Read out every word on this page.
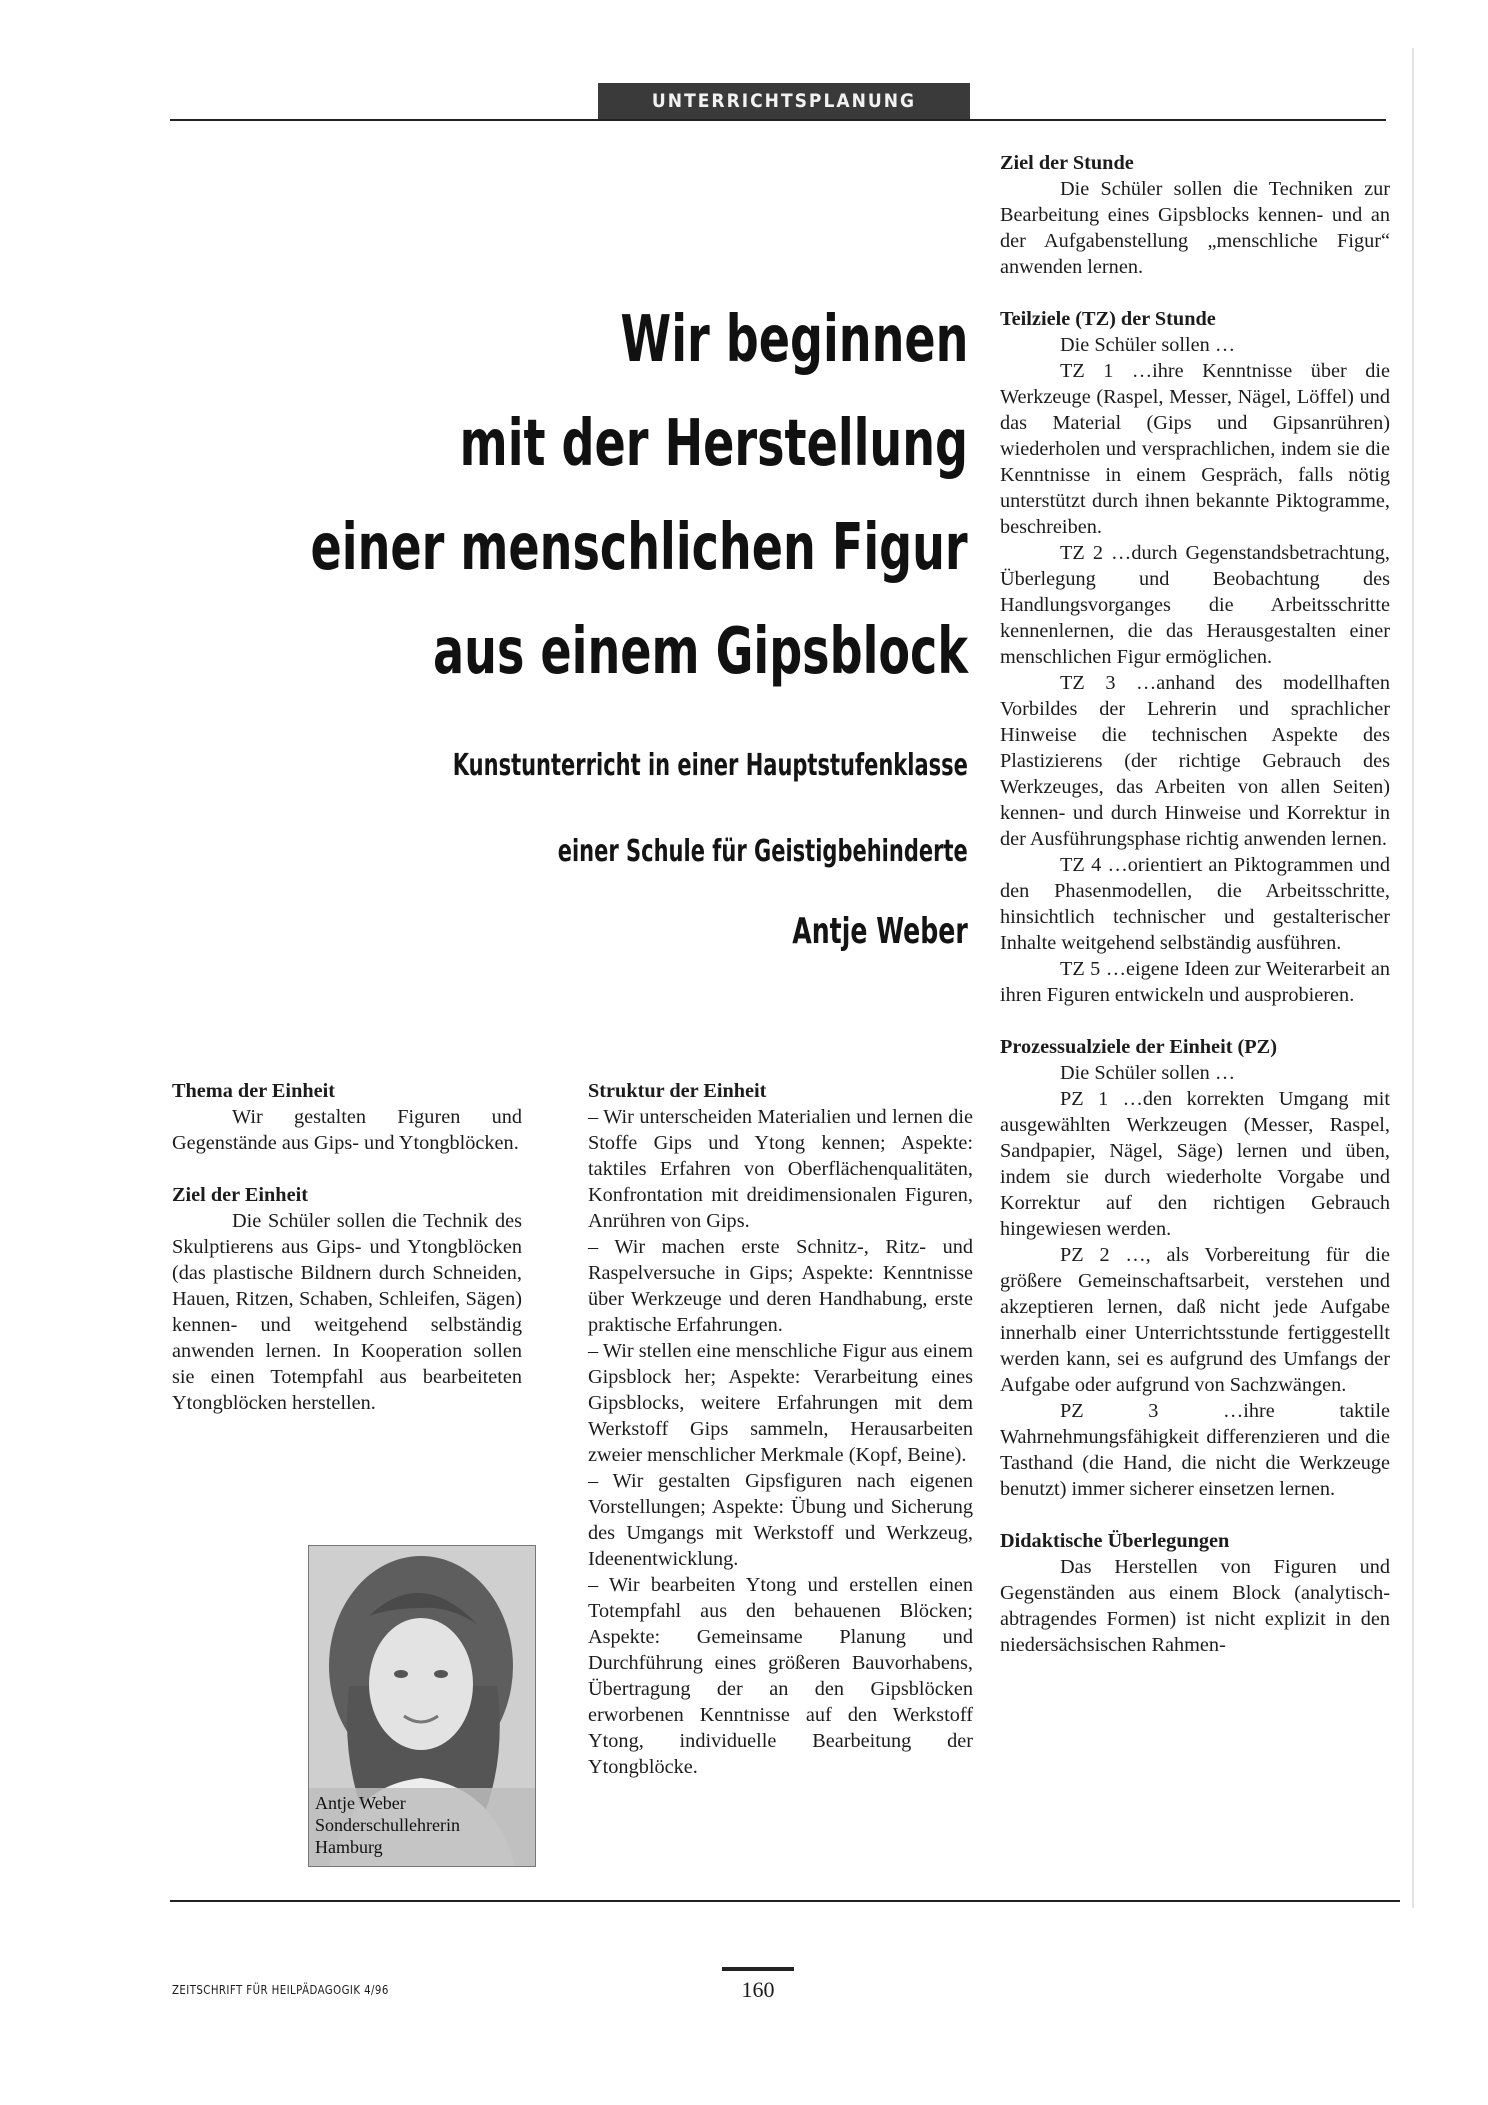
UNTERRICHTSPLANUNG
Wir beginnen
mit der Herstellung
einer menschlichen Figur
aus einem Gipsblock
Kunstunterricht in einer Hauptstufenklasse
einer Schule für Geistigbehinderte
Antje Weber
Thema der Einheit

Wir gestalten Figuren und Gegenstände aus Gips- und Ytongblöcken.

Ziel der Einheit

Die Schüler sollen die Technik des Skulptierens aus Gips- und Ytongblöcken (das plastische Bildnern durch Schneiden, Hauen, Ritzen, Schaben, Schleifen, Sägen) kennen- und weitgehend selbständig anwenden lernen. In Kooperation sollen sie einen Totempfahl aus bearbeiteten Ytongblöcken herstellen.

Antje Weber
Sonderschullehrerin
Hamburg
Struktur der Einheit

– Wir unterscheiden Materialien und lernen die Stoffe Gips und Ytong kennen; Aspekte: taktiles Erfahren von Oberflächenqualitäten, Konfrontation mit dreidimensionalen Figuren, Anrühren von Gips.

– Wir machen erste Schnitz-, Ritz- und Raspelversuche in Gips; Aspekte: Kenntnisse über Werkzeuge und deren Handhabung, erste praktische Erfahrungen.

– Wir stellen eine menschliche Figur aus einem Gipsblock her; Aspekte: Verarbeitung eines Gipsblocks, weitere Erfahrungen mit dem Werkstoff Gips sammeln, Herausarbeiten zweier menschlicher Merkmale (Kopf, Beine).

– Wir gestalten Gipsfiguren nach eigenen Vorstellungen; Aspekte: Übung und Sicherung des Umgangs mit Werkstoff und Werkzeug, Ideenentwicklung.

– Wir bearbeiten Ytong und erstellen einen Totempfahl aus den behauenen Blöcken; Aspekte: Gemeinsame Planung und Durchführung eines größeren Bauvorhabens, Übertragung der an den Gipsblöcken erworbenen Kenntnisse auf den Werkstoff Ytong, individuelle Bearbeitung der Ytongblöcke.

Ziel der Stunde

Die Schüler sollen die Techniken zur Bearbeitung eines Gipsblocks kennen- und an der Aufgabenstellung „menschliche Figur“ anwenden lernen.

Teilziele (TZ) der Stunde

Die Schüler sollen …

TZ 1 …ihre Kenntnisse über die Werkzeuge (Raspel, Messer, Nägel, Löffel) und das Material (Gips und Gipsanrühren) wiederholen und versprachlichen, indem sie die Kenntnisse in einem Gespräch, falls nötig unterstützt durch ihnen bekannte Piktogramme, beschreiben.

TZ 2 …durch Gegenstandsbetrachtung, Überlegung und Beobachtung des Handlungsvorganges die Arbeitsschritte kennenlernen, die das Herausgestalten einer menschlichen Figur ermöglichen.

TZ 3 …anhand des modellhaften Vorbildes der Lehrerin und sprachlicher Hinweise die technischen Aspekte des Plastizierens (der richtige Gebrauch des Werkzeuges, das Arbeiten von allen Seiten) kennen- und durch Hinweise und Korrektur in der Ausführungsphase richtig anwenden lernen.

TZ 4 …orientiert an Piktogrammen und den Phasenmodellen, die Arbeitsschritte, hinsichtlich technischer und gestalterischer Inhalte weitgehend selbständig ausführen.

TZ 5 …eigene Ideen zur Weiterarbeit an ihren Figuren entwickeln und ausprobieren.

Prozessualziele der Einheit (PZ)

Die Schüler sollen …

PZ 1 …den korrekten Umgang mit ausgewählten Werkzeugen (Messer, Raspel, Sandpapier, Nägel, Säge) lernen und üben, indem sie durch wiederholte Vorgabe und Korrektur auf den richtigen Gebrauch hingewiesen werden.

PZ 2 …, als Vorbereitung für die größere Gemeinschaftsarbeit, verstehen und akzeptieren lernen, daß nicht jede Aufgabe innerhalb einer Unterrichtsstunde fertiggestellt werden kann, sei es aufgrund des Umfangs der Aufgabe oder aufgrund von Sachzwängen.

PZ 3 …ihre taktile Wahrnehmungsfähigkeit differenzieren und die Tasthand (die Hand, die nicht die Werkzeuge benutzt) immer sicherer einsetzen lernen.

Didaktische Überlegungen

Das Herstellen von Figuren und Gegenständen aus einem Block (analytisch-abtragendes Formen) ist nicht explizit in den niedersächsischen Rahmen-

ZEITSCHRIFT FÜR HEILPÄDAGOGIK 4/96	160
